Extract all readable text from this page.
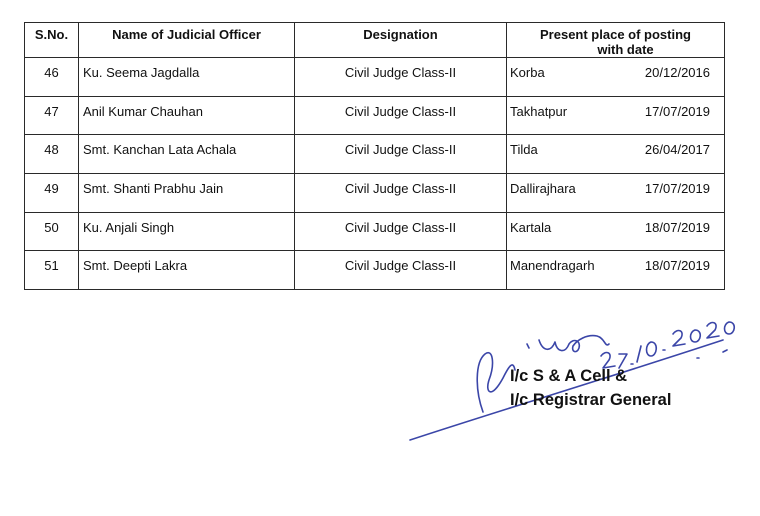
S.No.	Name of Judicial Officer	Designation	Present place of posting
with date

46	Ku. Seema Jagdalla	Civil Judge Class-II	Korba 20/12/2016

47	Anil Kumar Chauhan	Civil Judge Class-II	Takhatpur 17/07/2019

48	Smt. Kanchan Lata Achala	Civil Judge Class-II	Tilda 26/04/2017

49	Smt. Shanti Prabhu Jain	Civil Judge Class-II	Dallirajhara 17/07/2019

50	Ku. Anjali Singh	Civil Judge Class-II	Kartala 18/07/2019

51	Smt. Deepti Lakra	Civil Judge Class-II	Manendragarh 18/07/2019
I/c S & A Cell &
I/c Registrar General
